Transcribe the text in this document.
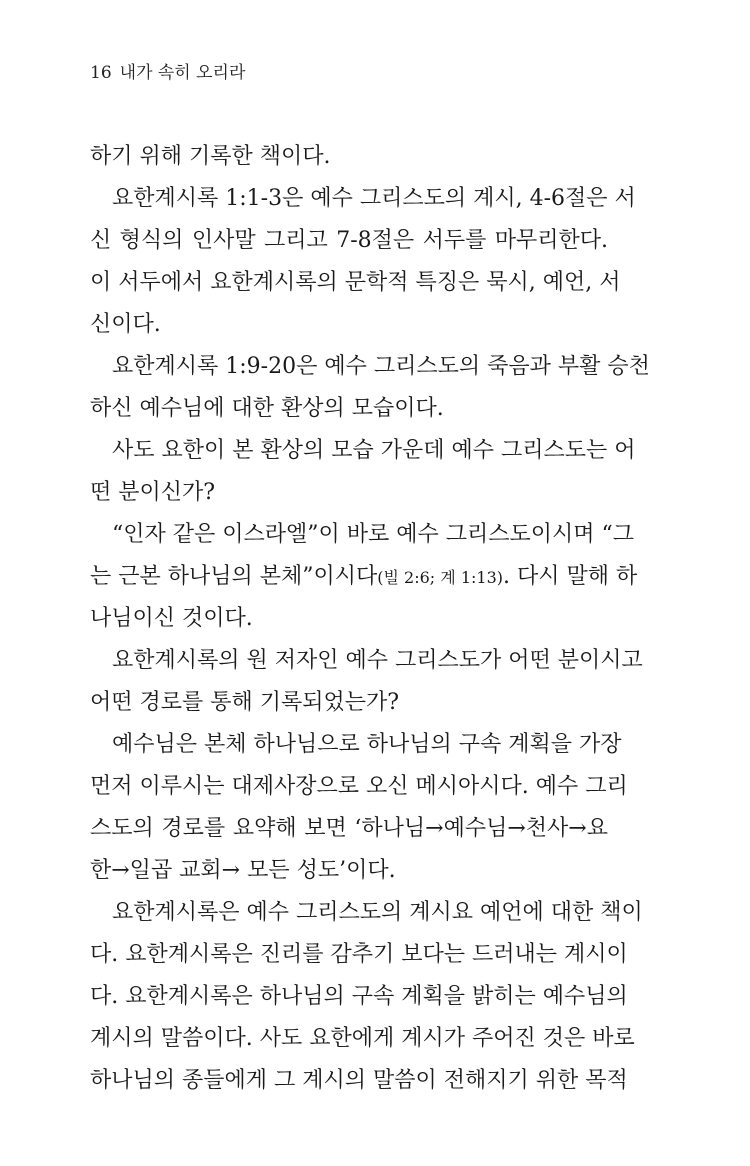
16 내가 속히 오리라
하기 위해 기록한 책이다.
요한계시록 1:1-3은 예수 그리스도의 계시, 4-6절은 서
신 형식의 인사말 그리고 7-8절은 서두를 마무리한다.
이 서두에서 요한계시록의 문학적 특징은 묵시, 예언, 서
신이다.
요한계시록 1:9-20은 예수 그리스도의 죽음과 부활 승천
하신 예수님에 대한 환상의 모습이다.
사도 요한이 본 환상의 모습 가운데 예수 그리스도는 어
떤 분이신가?
“인자 같은 이스라엘”이 바로 예수 그리스도이시며 “그
는 근본 하나님의 본체”이시다(빌 2:6; 계 1:13). 다시 말해 하
나님이신 것이다.
요한계시록의 원 저자인 예수 그리스도가 어떤 분이시고
어떤 경로를 통해 기록되었는가?
예수님은 본체 하나님으로 하나님의 구속 계획을 가장
먼저 이루시는 대제사장으로 오신 메시아시다. 예수 그리
스도의 경로를 요약해 보면 ‘하나님→예수님→천사→요
한→일곱 교회→ 모든 성도’이다.
요한계시록은 예수 그리스도의 계시요 예언에 대한 책이
다. 요한계시록은 진리를 감추기 보다는 드러내는 계시이
다. 요한계시록은 하나님의 구속 계획을 밝히는 예수님의
계시의 말씀이다. 사도 요한에게 계시가 주어진 것은 바로
하나님의 종들에게 그 계시의 말씀이 전해지기 위한 목적
